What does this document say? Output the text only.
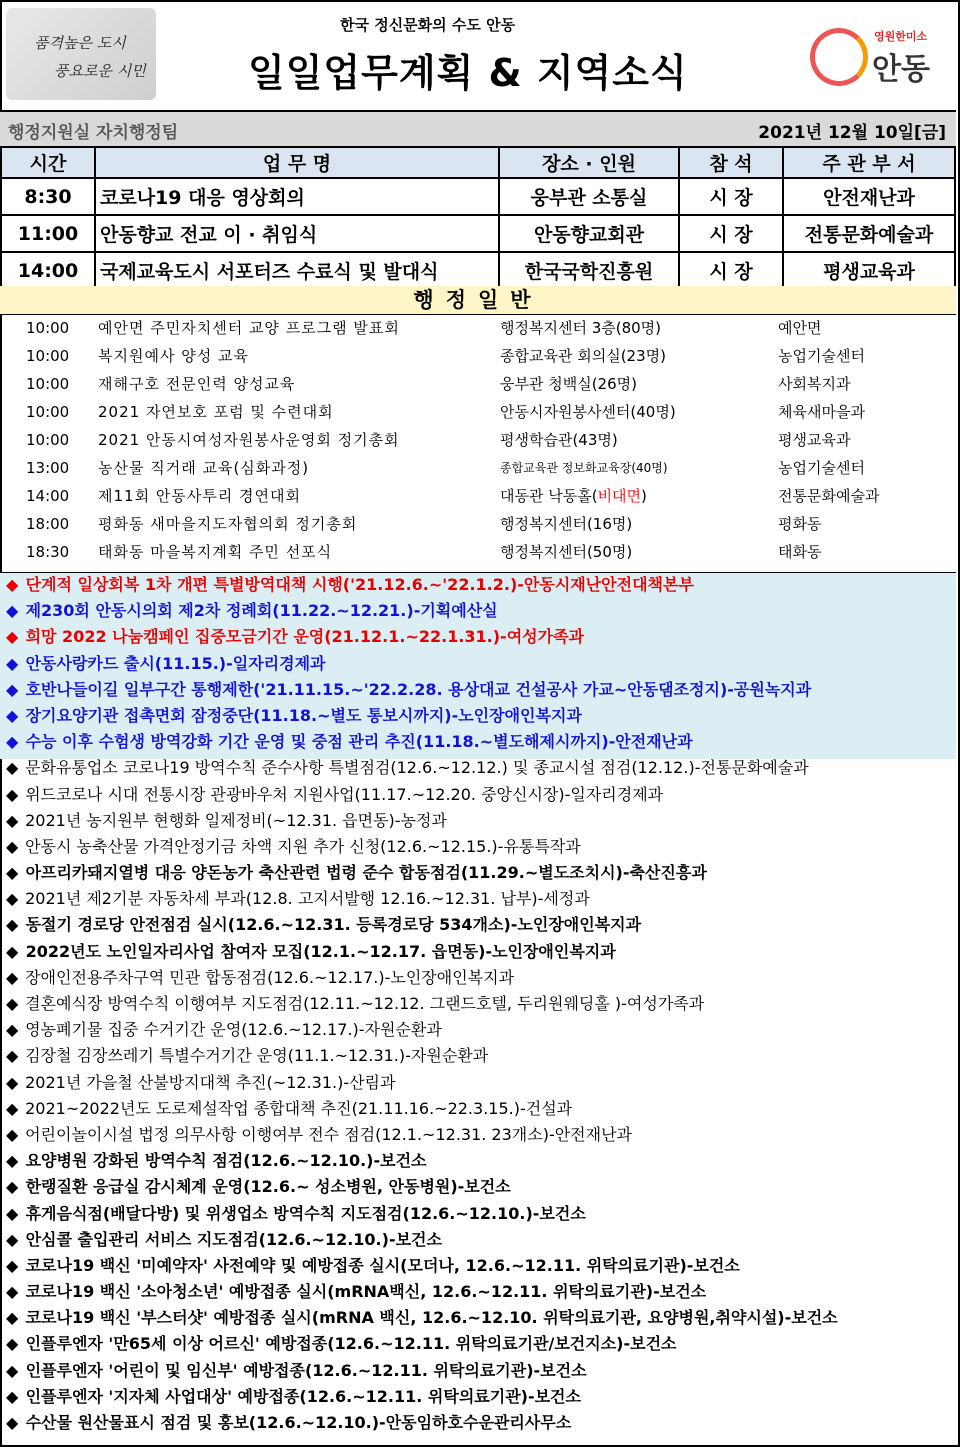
품격높은 도시
풍요로운 시민
한국 정신문화의 수도 안동
일일업무계획 & 지역소식
영원한미소
안동
행정지원실 자치행정팀	2021년 12월 10일[금]
시간	업 무 명	장소 · 인원	참 석	주 관 부 서
8:30	코로나19 대응 영상회의	웅부관 소통실	시 장	안전재난과
11:00	안동향교 전교 이 · 취임식	안동향교회관	시 장	전통문화예술과
14:00	국제교육도시 서포터즈 수료식 및 발대식	한국국학진흥원	시 장	평생교육과
행정일반
10:00 예안면 주민자치센터 교양 프로그램 발표회	행정복지센터 3층(80명)	예안면
10:00 복지원예사 양성 교육	종합교육관 회의실(23명)	농업기술센터
10:00 재해구호 전문인력 양성교육	웅부관 청백실(26명)	사회복지과
10:00 2021 자연보호 포럼 및 수련대회	안동시자원봉사센터(40명)	체육새마을과
10:00 2021 안동시여성자원봉사운영회 정기총회	평생학습관(43명)	평생교육과
13:00 농산물 직거래 교육(심화과정)	종합교육관 정보화교육장(40명)	농업기술센터
14:00 제11회 안동사투리 경연대회	대동관 낙동홀(비대면)	전통문화예술과
18:00 평화동 새마을지도자협의회 정기총회	행정복지센터(16명)	평화동
18:30 태화동 마을복지계획 주민 선포식	행정복지센터(50명)	태화동
◆ 단계적 일상회복 1차 개편 특별방역대책 시행('21.12.6.~'22.1.2.)-안동시재난안전대책본부
◆ 제230회 안동시의회 제2차 정례회(11.22.~12.21.)-기획예산실
◆ 희망 2022 나눔캠페인 집중모금기간 운영(21.12.1.~22.1.31.)-여성가족과
◆ 안동사랑카드 출시(11.15.)-일자리경제과
◆ 호반나들이길 일부구간 통행제한('21.11.15.~'22.2.28. 용상대교 건설공사 가교~안동댐조정지)-공원녹지과
◆ 장기요양기관 접촉면회 잠정중단(11.18.~별도 통보시까지)-노인장애인복지과
◆ 수능 이후 수험생 방역강화 기간 운영 및 중점 관리 추진(11.18.~별도해제시까지)-안전재난과
◆ 문화유통업소 코로나19 방역수칙 준수사항 특별점검(12.6.~12.12.) 및 종교시설 점검(12.12.)-전통문화예술과
◆ 위드코로나 시대 전통시장 관광바우처 지원사업(11.17.~12.20. 중앙신시장)-일자리경제과
◆ 2021년 농지원부 현행화 일제정비(~12.31. 읍면동)-농정과
◆ 안동시 농축산물 가격안정기금 차액 지원 추가 신청(12.6.~12.15.)-유통특작과
◆ 아프리카돼지열병 대응 양돈농가 축산관련 법령 준수 합동점검(11.29.~별도조치시)-축산진흥과
◆ 2021년 제2기분 자동차세 부과(12.8. 고지서발행 12.16.~12.31. 납부)-세정과
◆ 동절기 경로당 안전점검 실시(12.6.~12.31. 등록경로당 534개소)-노인장애인복지과
◆ 2022년도 노인일자리사업 참여자 모집(12.1.~12.17. 읍면동)-노인장애인복지과
◆ 장애인전용주차구역 민관 합동점검(12.6.~12.17.)-노인장애인복지과
◆ 결혼예식장 방역수칙 이행여부 지도점검(12.11.~12.12. 그랜드호텔, 두리원웨딩홀 )-여성가족과
◆ 영농폐기물 집중 수거기간 운영(12.6.~12.17.)-자원순환과
◆ 김장철 김장쓰레기 특별수거기간 운영(11.1.~12.31.)-자원순환과
◆ 2021년 가을철 산불방지대책 추진(~12.31.)-산림과
◆ 2021~2022년도 도로제설작업 종합대책 추진(21.11.16.~22.3.15.)-건설과
◆ 어린이놀이시설 법정 의무사항 이행여부 전수 점검(12.1.~12.31. 23개소)-안전재난과
◆ 요양병원 강화된 방역수칙 점검(12.6.~12.10.)-보건소
◆ 한랭질환 응급실 감시체계 운영(12.6.~ 성소병원, 안동병원)-보건소
◆ 휴게음식점(배달다방) 및 위생업소 방역수칙 지도점검(12.6.~12.10.)-보건소
◆ 안심콜 출입관리 서비스 지도점검(12.6.~12.10.)-보건소
◆ 코로나19 백신 '미예약자' 사전예약 및 예방접종 실시(모더나, 12.6.~12.11. 위탁의료기관)-보건소
◆ 코로나19 백신 '소아청소년' 예방접종 실시(mRNA백신, 12.6.~12.11. 위탁의료기관)-보건소
◆ 코로나19 백신 '부스터샷' 예방접종 실시(mRNA 백신, 12.6.~12.10. 위탁의료기관, 요양병원,취약시설)-보건소
◆ 인플루엔자 '만65세 이상 어르신' 예방접종(12.6.~12.11. 위탁의료기관/보건지소)-보건소
◆ 인플루엔자 '어린이 및 임신부' 예방접종(12.6.~12.11. 위탁의료기관)-보건소
◆ 인플루엔자 '지자체 사업대상' 예방접종(12.6.~12.11. 위탁의료기관)-보건소
◆ 수산물 원산물표시 점검 및 홍보(12.6.~12.10.)-안동임하호수운관리사무소
